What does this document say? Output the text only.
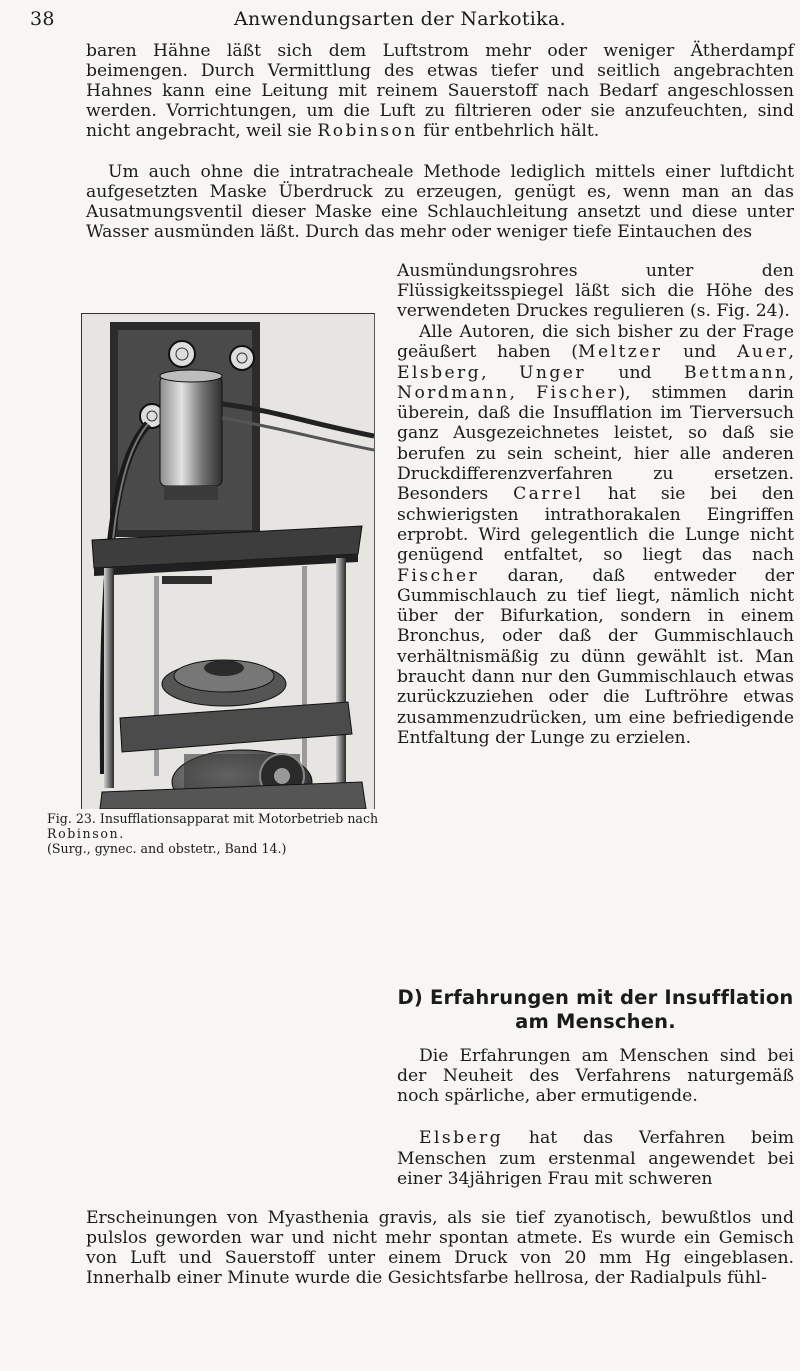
38	Anwendungsarten der Narkotika.

baren Hähne läßt sich dem Luftstrom mehr oder weniger Ätherdampf beimengen. Durch Vermittlung des etwas tiefer und seitlich angebrachten Hahnes kann eine Leitung mit reinem Sauerstoff nach Bedarf angeschlossen werden. Vorrichtungen, um die Luft zu filtrieren oder sie anzufeuchten, sind nicht angebracht, weil sie Robinson für entbehrlich hält.

Um auch ohne die intratracheale Methode lediglich mittels einer luftdicht aufgesetzten Maske Überdruck zu erzeugen, genügt es, wenn man an das Ausatmungsventil dieser Maske eine Schlauchleitung ansetzt und diese unter Wasser ausmünden läßt. Durch das mehr oder weniger tiefe Eintauchen des

Ausmündungsrohres unter den Flüssigkeitsspiegel läßt sich die Höhe des verwendeten Druckes regulieren (s. Fig. 24).

Alle Autoren, die sich bisher zu der Frage geäußert haben (Meltzer und Auer, Elsberg, Unger und Bettmann, Nordmann, Fischer), stimmen darin überein, daß die Insufflation im Tierversuch ganz Ausgezeichnetes leistet, so daß sie berufen zu sein scheint, hier alle anderen Druckdifferenzverfahren zu ersetzen. Besonders Carrel hat sie bei den schwierigsten intrathorakalen Eingriffen erprobt. Wird gelegentlich die Lunge nicht genügend entfaltet, so liegt das nach Fischer daran, daß entweder der Gummischlauch zu tief liegt, nämlich nicht über der Bifurkation, sondern in einem Bronchus, oder daß der Gummischlauch verhältnismäßig zu dünn gewählt ist. Man braucht dann nur den Gummischlauch etwas zurückzuziehen oder die Luftröhre etwas zusammenzudrücken, um eine befriedigende Entfaltung der Lunge zu erzielen.

Fig. 23. Insufflationsapparat mit Motorbetrieb nach Robinson.
(Surg., gynec. and obstetr., Band 14.)
D) Erfahrungen mit der Insufflation am Menschen.

Die Erfahrungen am Menschen sind bei der Neuheit des Verfahrens naturgemäß noch spärliche, aber ermutigende.

Elsberg hat das Verfahren beim Menschen zum erstenmal angewendet bei einer 34jährigen Frau mit schweren

Erscheinungen von Myasthenia gravis, als sie tief zyanotisch, bewußtlos und pulslos geworden war und nicht mehr spontan atmete. Es wurde ein Gemisch von Luft und Sauerstoff unter einem Druck von 20 mm Hg eingeblasen. Innerhalb einer Minute wurde die Gesichtsfarbe hellrosa, der Radialpuls fühl-
